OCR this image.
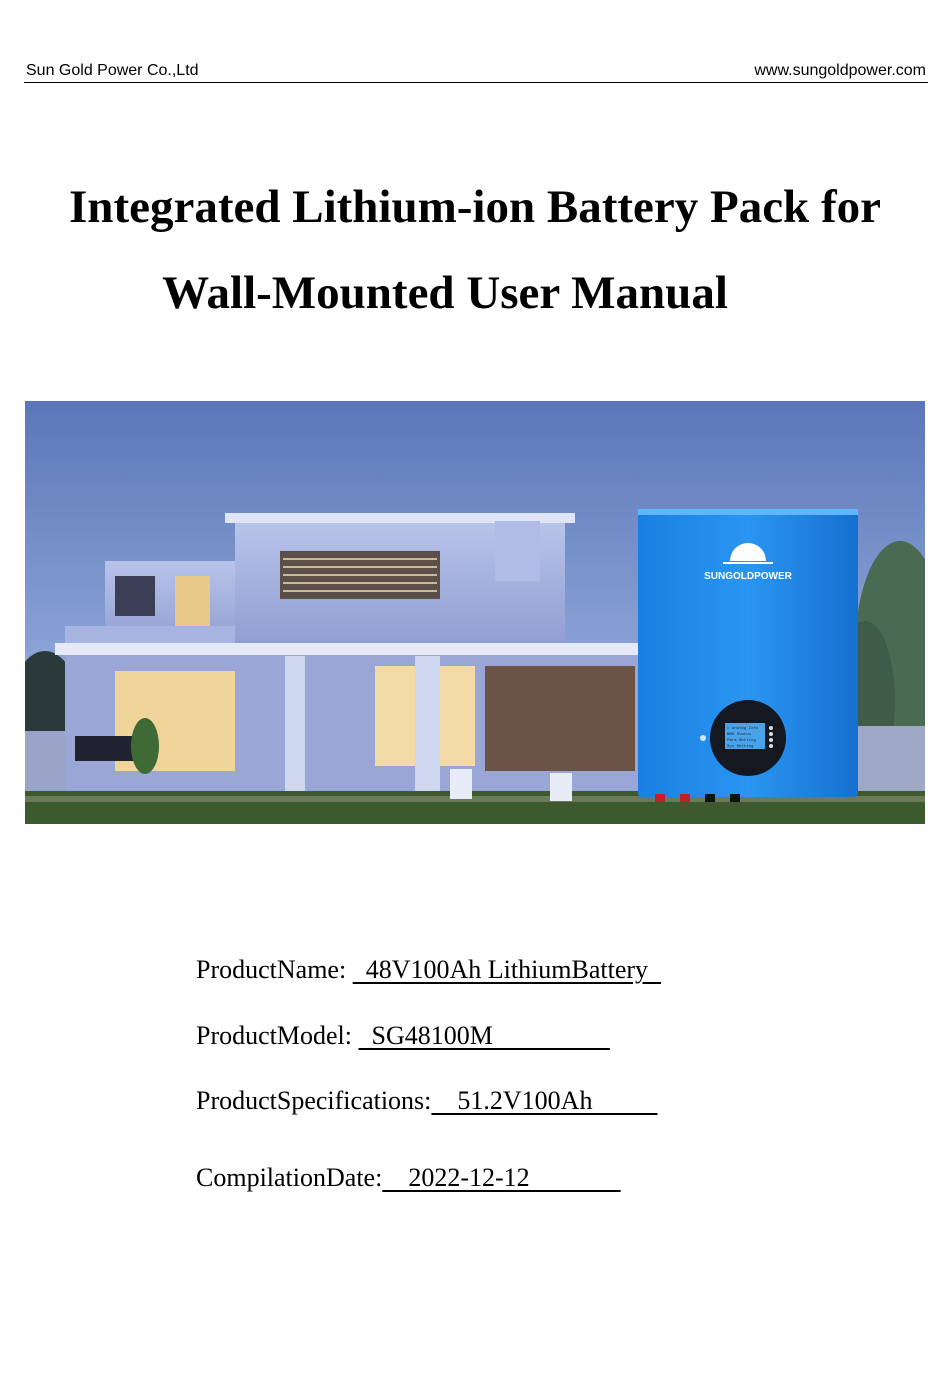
Sun Gold Power Co.,Ltd	www.sungoldpower.com
Integrated Lithium-ion Battery Pack for
Wall-Mounted User Manual
SUNGOLDPOWER
> Analog Info
BMS Status
Para Setting
Sys Setting
ProductName:   48V100Ah LithiumBattery
ProductModel:   SG48100M
ProductSpecifications:    51.2V100Ah
CompilationDate:    2022-12-12
